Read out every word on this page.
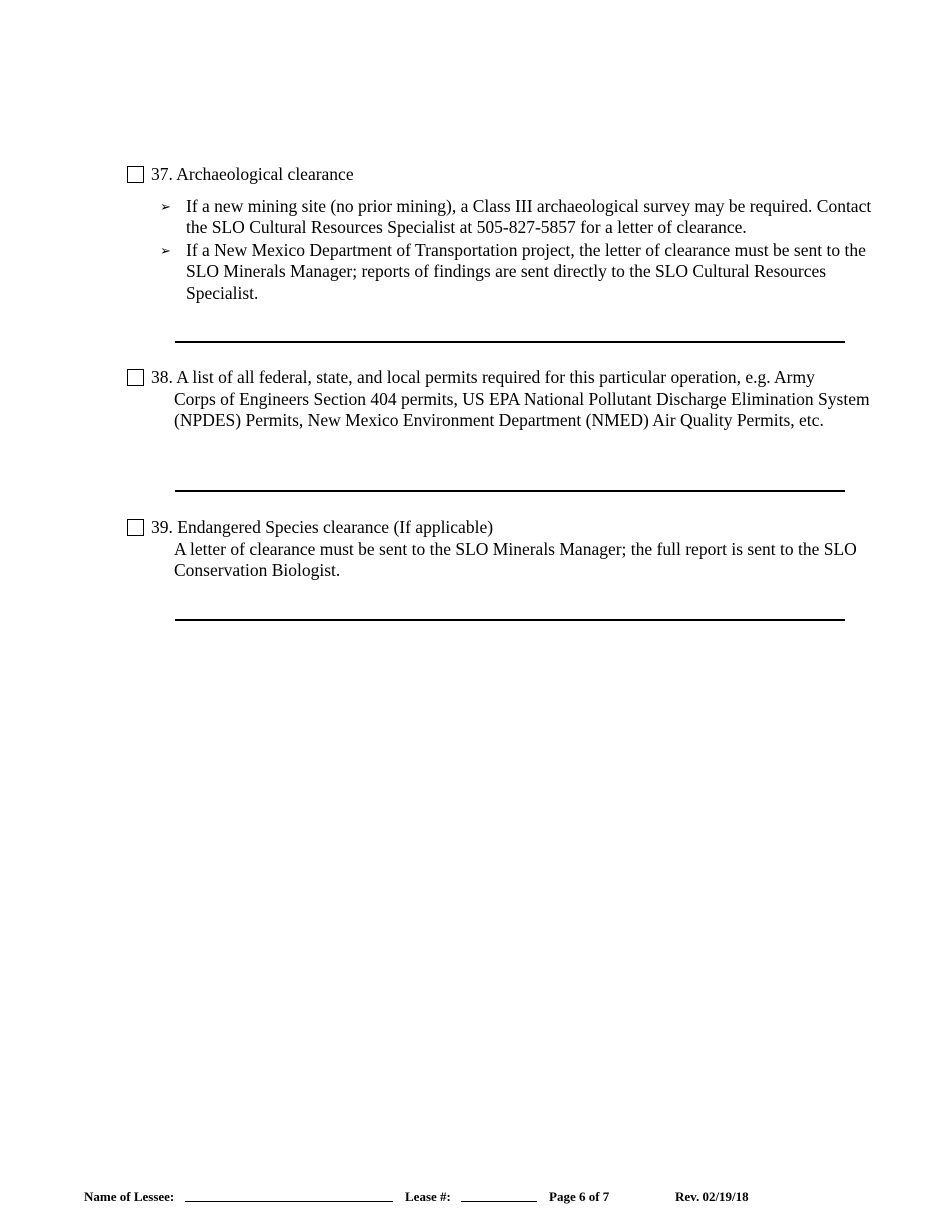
37. Archaeological clearance
➢ If a new mining site (no prior mining), a Class III archaeological survey may be required. Contact the SLO Cultural Resources Specialist at 505-827-5857 for a letter of clearance.
➢ If a New Mexico Department of Transportation project, the letter of clearance must be sent to the SLO Minerals Manager; reports of findings are sent directly to the SLO Cultural Resources Specialist.
38. A list of all federal, state, and local permits required for this particular operation, e.g. Army
Corps of Engineers Section 404 permits, US EPA National Pollutant Discharge Elimination System (NPDES) Permits, New Mexico Environment Department (NMED) Air Quality Permits, etc.
39. Endangered Species clearance (If applicable)
A letter of clearance must be sent to the SLO Minerals Manager; the full report is sent to the SLO Conservation Biologist.
Name of Lessee:	Lease #:	Page 6 of 7	Rev. 02/19/18
